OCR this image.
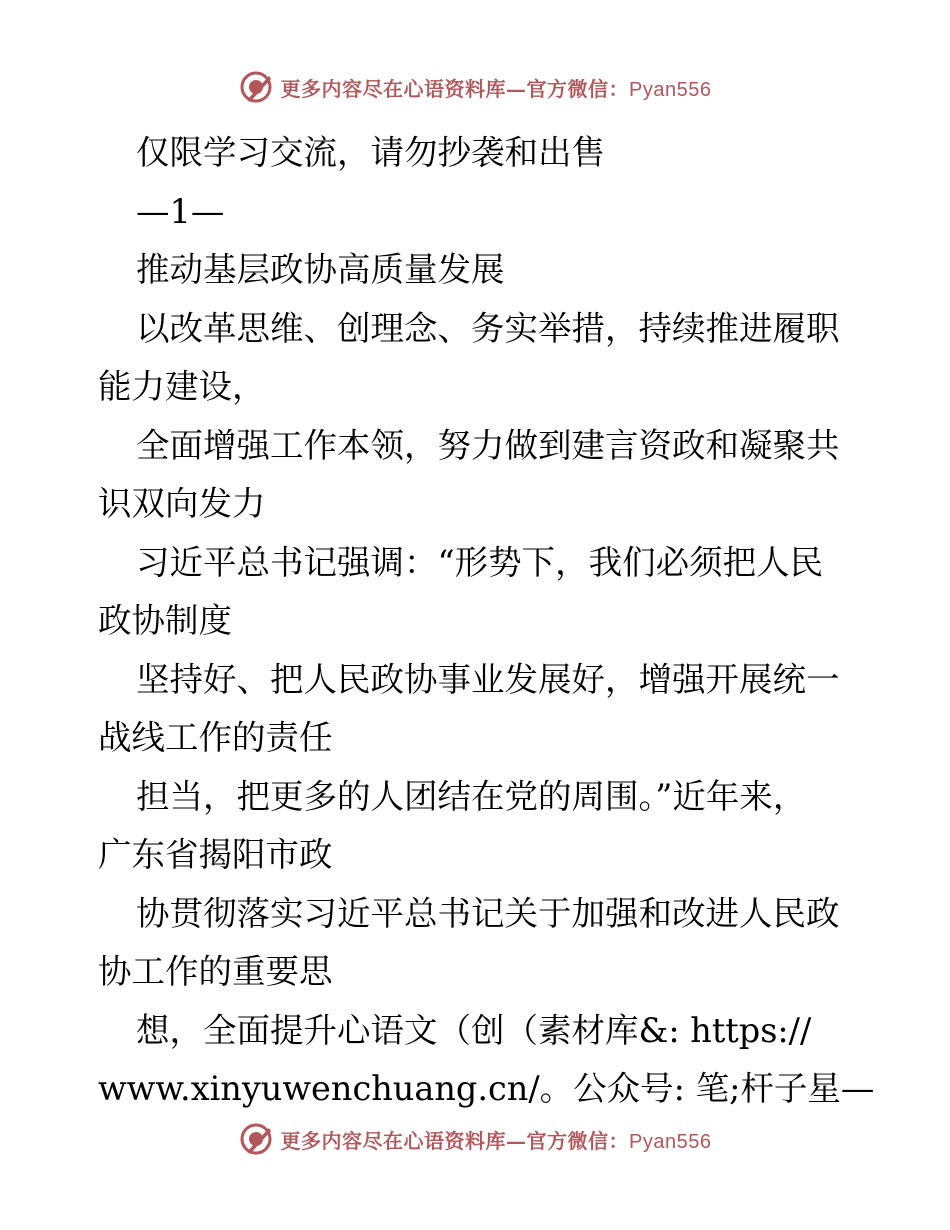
更多内容尽在心语资料库—官方微信：Pyan556
仅限学习交流，请勿抄袭和出售
—1—
推动基层政协高质量发展
以改革思维、创理念、务实举措，持续推进履职
能力建设，
全面增强工作本领，努力做到建言资政和凝聚共
识双向发力
习近平总书记强调：“形势下，我们必须把人民
政协制度
坚持好、把人民政协事业发展好，增强开展统一
战线工作的责任
担当，把更多的人团结在党的周围。”近年来，
广东省揭阳市政
协贯彻落实习近平总书记关于加强和改进人民政
协工作的重要思
想，全面提升心语文（创（素材库&: https://
www.xinyuwenchuang.cn/。公众号: 笔;杆子星—
更多内容尽在心语资料库—官方微信：Pyan556
